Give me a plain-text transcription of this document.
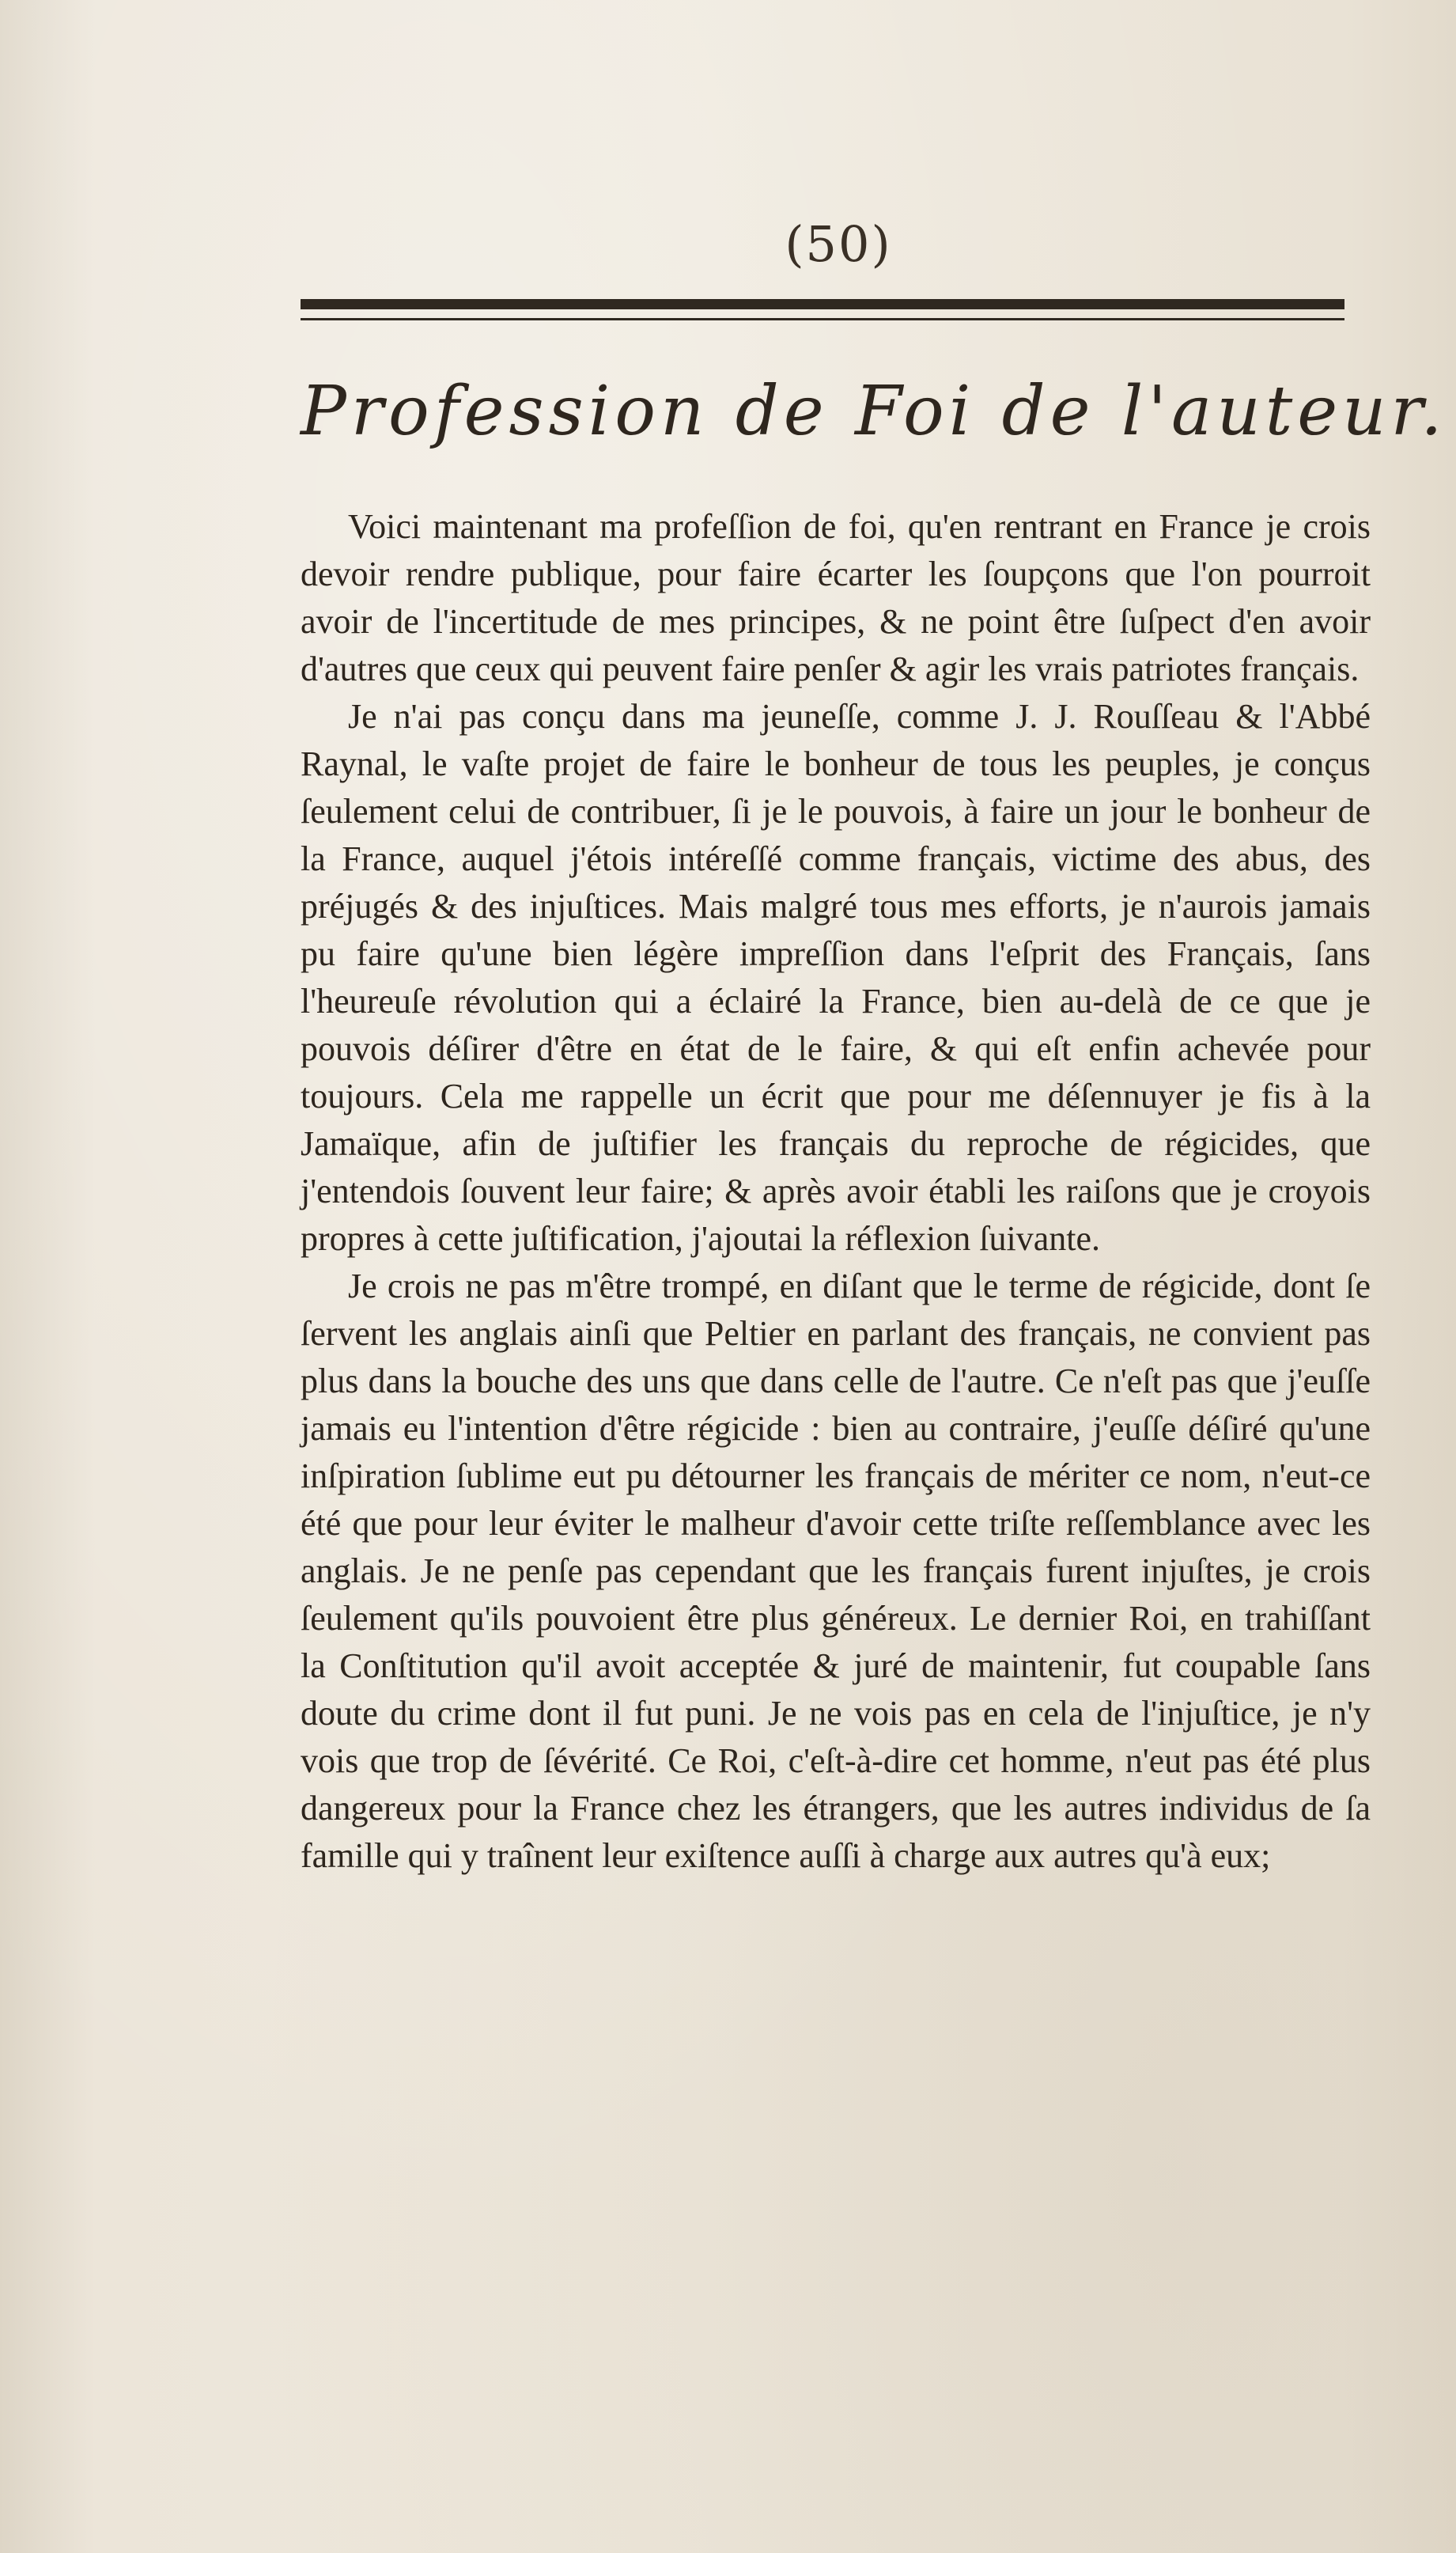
(50)
Profession de Foi de l'auteur.

Voici maintenant ma profeſſion de foi, qu'en rentrant en France je crois devoir rendre publique, pour faire écarter les ſoupçons que l'on pourroit avoir de l'incertitude de mes principes, & ne point être ſuſpect d'en avoir d'autres que ceux qui peuvent faire penſer & agir les vrais patriotes français.

Je n'ai pas conçu dans ma jeuneſſe, comme J. J. Rouſſeau & l'Abbé Raynal, le vaſte projet de faire le bonheur de tous les peuples, je conçus ſeulement celui de contribuer, ſi je le pouvois, à faire un jour le bonheur de la France, auquel j'étois intéreſſé comme français, victime des abus, des préjugés & des injuſtices. Mais malgré tous mes efforts, je n'aurois jamais pu faire qu'une bien légère impreſſion dans l'eſprit des Français, ſans l'heureuſe révolution qui a éclairé la France, bien au-delà de ce que je pouvois déſirer d'être en état de le faire, & qui eſt enfin achevée pour toujours. Cela me rappelle un écrit que pour me déſennuyer je fis à la Jamaïque, afin de juſtifier les français du reproche de régicides, que j'entendois ſouvent leur faire; & après avoir établi les raiſons que je croyois propres à cette juſtification, j'ajoutai la réflexion ſuivante.

Je crois ne pas m'être trompé, en diſant que le terme de régicide, dont ſe ſervent les anglais ainſi que Peltier en parlant des français, ne convient pas plus dans la bouche des uns que dans celle de l'autre. Ce n'eſt pas que j'euſſe jamais eu l'intention d'être régicide : bien au contraire, j'euſſe déſiré qu'une inſpiration ſublime eut pu détourner les français de mériter ce nom, n'eut-ce été que pour leur éviter le malheur d'avoir cette triſte reſſemblance avec les anglais. Je ne penſe pas cependant que les français furent injuſtes, je crois ſeulement qu'ils pouvoient être plus généreux. Le dernier Roi, en trahiſſant la Conſtitution qu'il avoit acceptée & juré de maintenir, fut coupable ſans doute du crime dont il fut puni. Je ne vois pas en cela de l'injuſtice, je n'y vois que trop de ſévérité. Ce Roi, c'eſt-à-dire cet homme, n'eut pas été plus dangereux pour la France chez les étrangers, que les autres individus de ſa famille qui y traînent leur exiſtence auſſi à charge aux autres qu'à eux;
